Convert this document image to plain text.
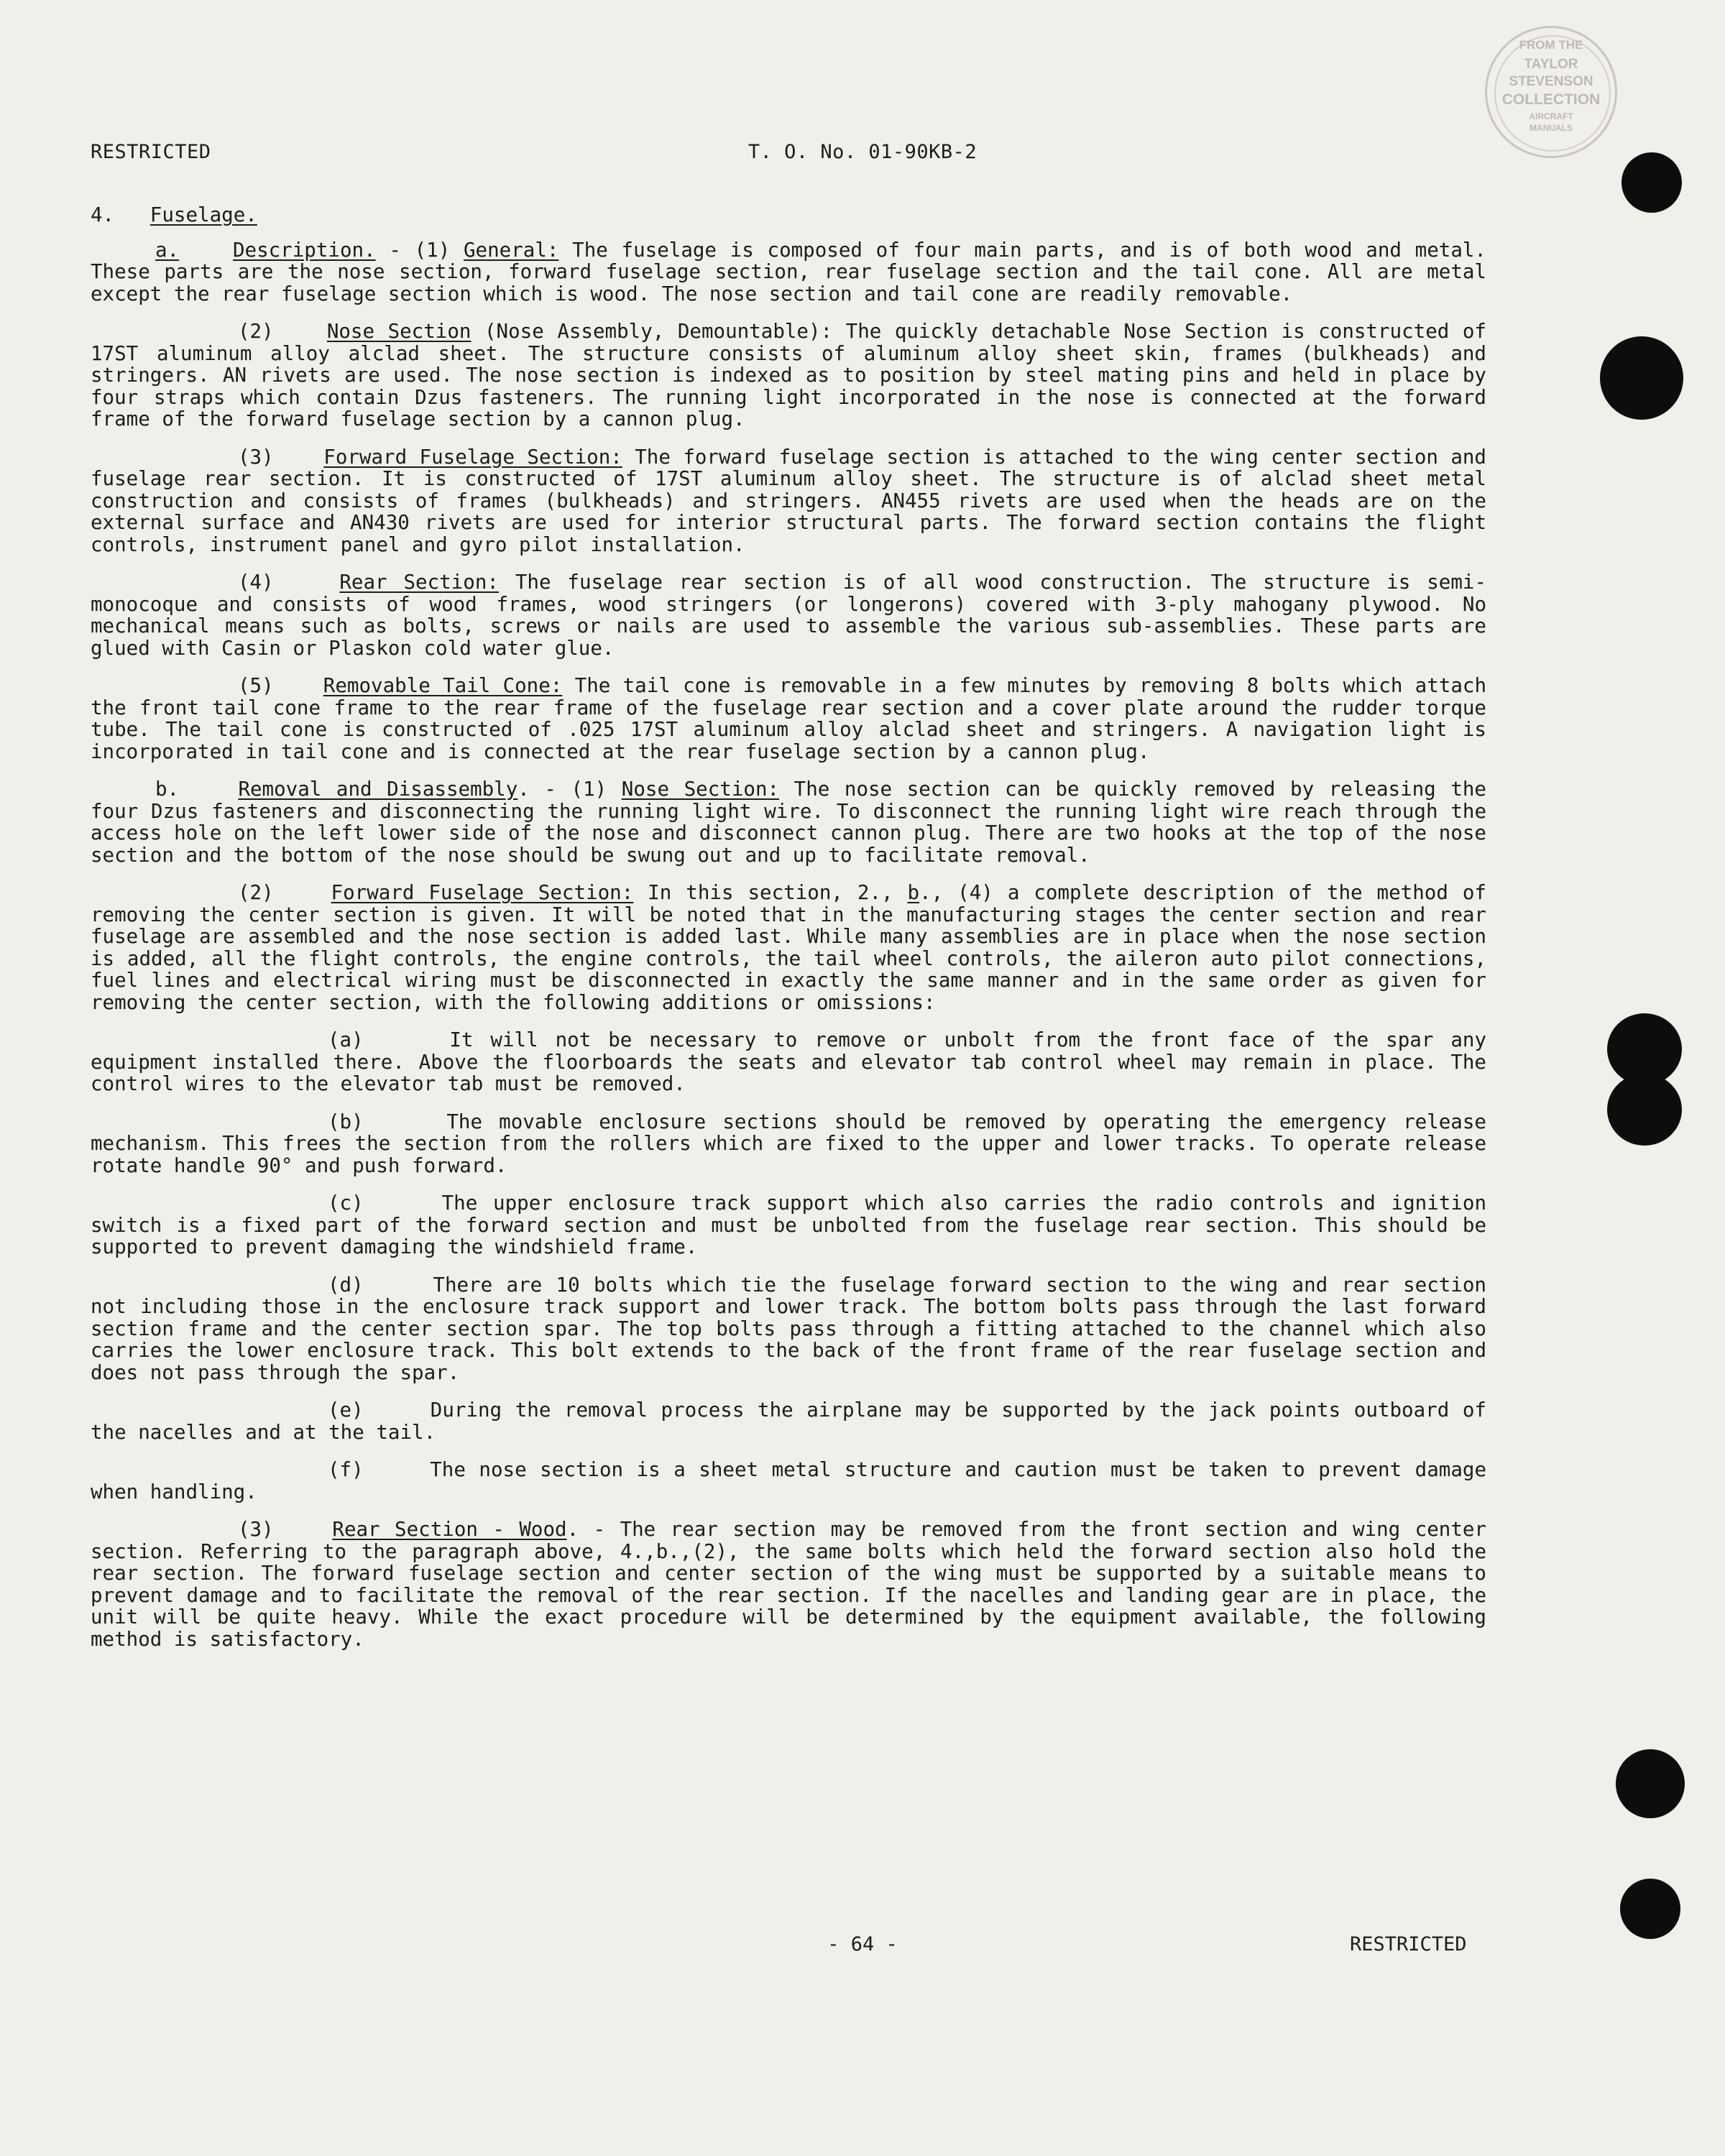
FROM THE
TAYLOR
STEVENSON
COLLECTION
AIRCRAFT
MANUALS
RESTRICTED	T. O. No. 01-90KB-2

4. Fuselage.

a.	Description. - (1) General: The fuselage is composed of four main parts, and is of both wood and metal. These parts are the nose section, forward fuselage section, rear fuselage section and the tail cone. All are metal except the rear fuselage section which is wood. The nose section and tail cone are readily removable.

(2)	Nose Section (Nose Assembly, Demountable): The quickly detachable Nose Section is constructed of 17ST aluminum alloy alclad sheet. The structure consists of aluminum alloy sheet skin, frames (bulkheads) and stringers. AN rivets are used. The nose section is indexed as to position by steel mating pins and held in place by four straps which contain Dzus fasteners. The running light incorporated in the nose is connected at the forward frame of the forward fuselage section by a cannon plug.

(3)	Forward Fuselage Section: The forward fuselage section is attached to the wing center section and fuselage rear section. It is constructed of 17ST aluminum alloy sheet. The structure is of alclad sheet metal construction and consists of frames (bulkheads) and stringers. AN455 rivets are used when the heads are on the external surface and AN430 rivets are used for interior structural parts. The forward section contains the flight controls, instrument panel and gyro pilot installation.

(4)	Rear Section: The fuselage rear section is of all wood construction. The structure is semi-monocoque and consists of wood frames, wood stringers (or longerons) covered with 3-ply mahogany plywood. No mechanical means such as bolts, screws or nails are used to assemble the various sub-assemblies. These parts are glued with Casin or Plaskon cold water glue.

(5)	Removable Tail Cone: The tail cone is removable in a few minutes by removing 8 bolts which attach the front tail cone frame to the rear frame of the fuselage rear section and a cover plate around the rudder torque tube. The tail cone is constructed of .025 17ST aluminum alloy alclad sheet and stringers. A navigation light is incorporated in tail cone and is connected at the rear fuselage section by a cannon plug.

b.	Removal and Disassembly. - (1) Nose Section: The nose section can be quickly removed by releasing the four Dzus fasteners and disconnecting the running light wire. To disconnect the running light wire reach through the access hole on the left lower side of the nose and disconnect cannon plug. There are two hooks at the top of the nose section and the bottom of the nose should be swung out and up to facilitate removal.

(2)	Forward Fuselage Section: In this section, 2., b., (4) a complete description of the method of removing the center section is given. It will be noted that in the manufacturing stages the center section and rear fuselage are assembled and the nose section is added last. While many assemblies are in place when the nose section is added, all the flight controls, the engine controls, the tail wheel controls, the aileron auto pilot connections, fuel lines and electrical wiring must be disconnected in exactly the same manner and in the same order as given for removing the center section, with the following additions or omissions:

(a)	It will not be necessary to remove or unbolt from the front face of the spar any equipment installed there. Above the floorboards the seats and elevator tab control wheel may remain in place. The control wires to the elevator tab must be removed.

(b)	The movable enclosure sections should be removed by operating the emergency release mechanism. This frees the section from the rollers which are fixed to the upper and lower tracks. To operate release rotate handle 90° and push forward.

(c)	The upper enclosure track support which also carries the radio controls and ignition switch is a fixed part of the forward section and must be unbolted from the fuselage rear section. This should be supported to prevent damaging the windshield frame.

(d)	There are 10 bolts which tie the fuselage forward section to the wing and rear section not including those in the enclosure track support and lower track. The bottom bolts pass through the last forward section frame and the center section spar. The top bolts pass through a fitting attached to the channel which also carries the lower enclosure track. This bolt extends to the back of the front frame of the rear fuselage section and does not pass through the spar.

(e)	During the removal process the airplane may be supported by the jack points outboard of the nacelles and at the tail.

(f)	The nose section is a sheet metal structure and caution must be taken to prevent damage when handling.

(3)	Rear Section - Wood. - The rear section may be removed from the front section and wing center section. Referring to the paragraph above, 4.,b.,(2), the same bolts which held the forward section also hold the rear section. The forward fuselage section and center section of the wing must be supported by a suitable means to prevent damage and to facilitate the removal of the rear section. If the nacelles and landing gear are in place, the unit will be quite heavy. While the exact procedure will be determined by the equipment available, the following method is satisfactory.

- 64 -	RESTRICTED
